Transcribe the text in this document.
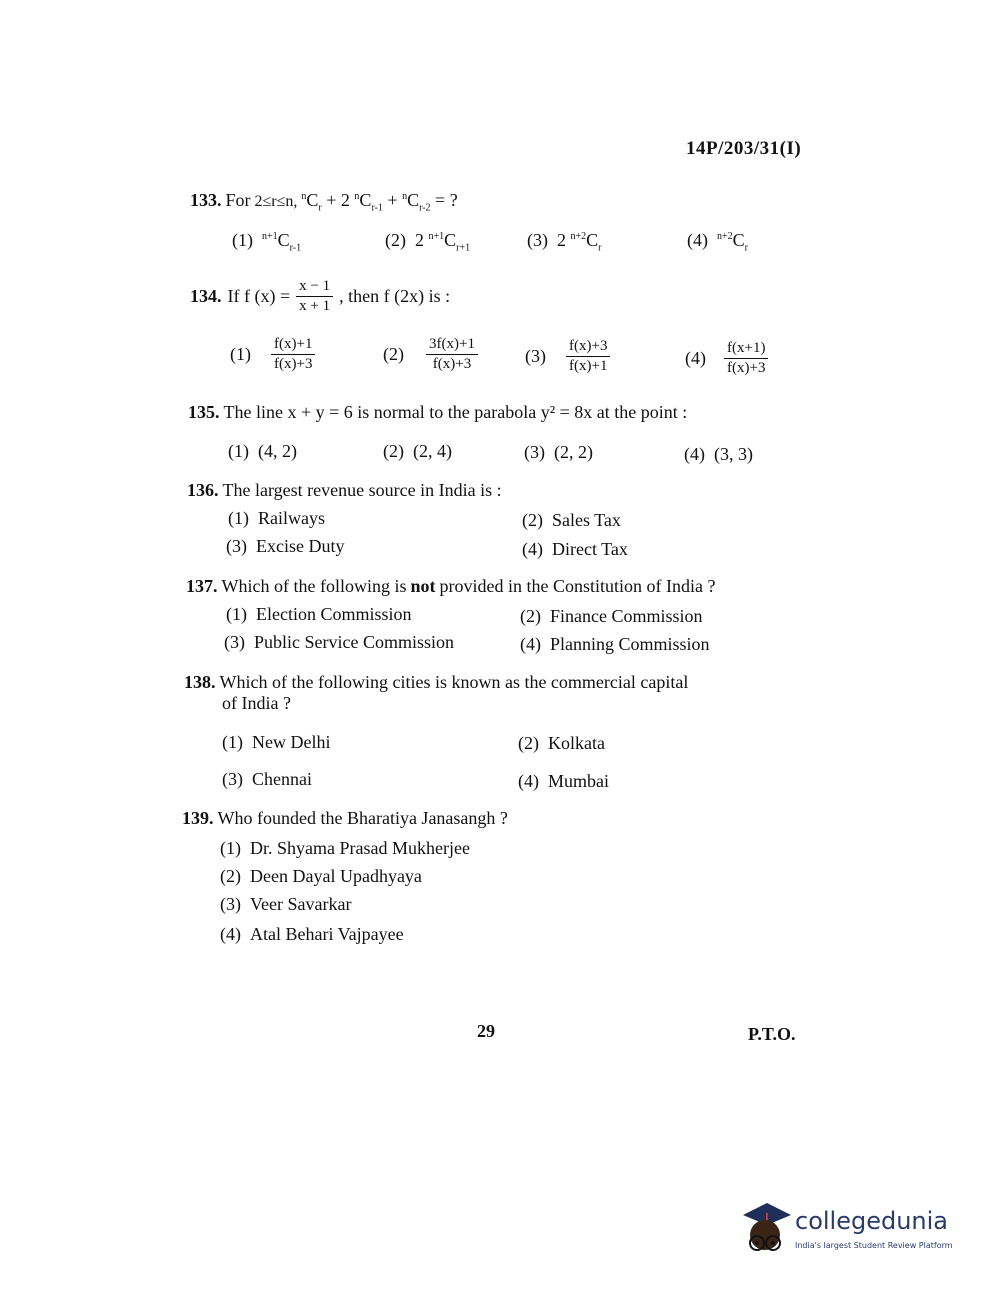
14P/203/31(I)
133. For 2≤r≤n, $^nC_r + 2$ $^nC_{r-1} + ^nC_{r-2}$ = ?
(1) $^{n+1}C_{r-1}$	(2) 2 $^{n+1}C_{r+1}$	(3) 2 $^{n+2}C_r$	(4) $^{n+2}C_r$
134. If f $(x) = \frac{x - 1}{x + 1}$ , then f (2x) is :
$(1) \frac{f(x)+1}{f(x)+3}$	$(2) \frac{3f(x)+1}{f(x)+3}$	$(3) \frac{f(x)+3}{f(x)+1}$	$(4) \frac{f(x+1)}{f(x)+3}$
135. The line x + y = 6 is normal to the parabola y² = 8x at the point :
(1) (4, 2)	(2) (2, 4)	(3) (2, 2)	(4) (3, 3)
136. The largest revenue source in India is :
(1) Railways	(2) Sales Tax
(3) Excise Duty	(4) Direct Tax
137. Which of the following is not provided in the Constitution of India ?
(1) Election Commission	(2) Finance Commission
(3) Public Service Commission	(4) Planning Commission
138. Which of the following cities is known as the commercial capital
of India ?
(1) New Delhi	(2) Kolkata
(3) Chennai	(4) Mumbai
139. Who founded the Bharatiya Janasangh ?
(1) Dr. Shyama Prasad Mukherjee
(2) Deen Dayal Upadhyaya
(3) Veer Savarkar
(4) Atal Behari Vajpayee
29	P.T.O.
collegedunia
India's largest Student Review Platform
